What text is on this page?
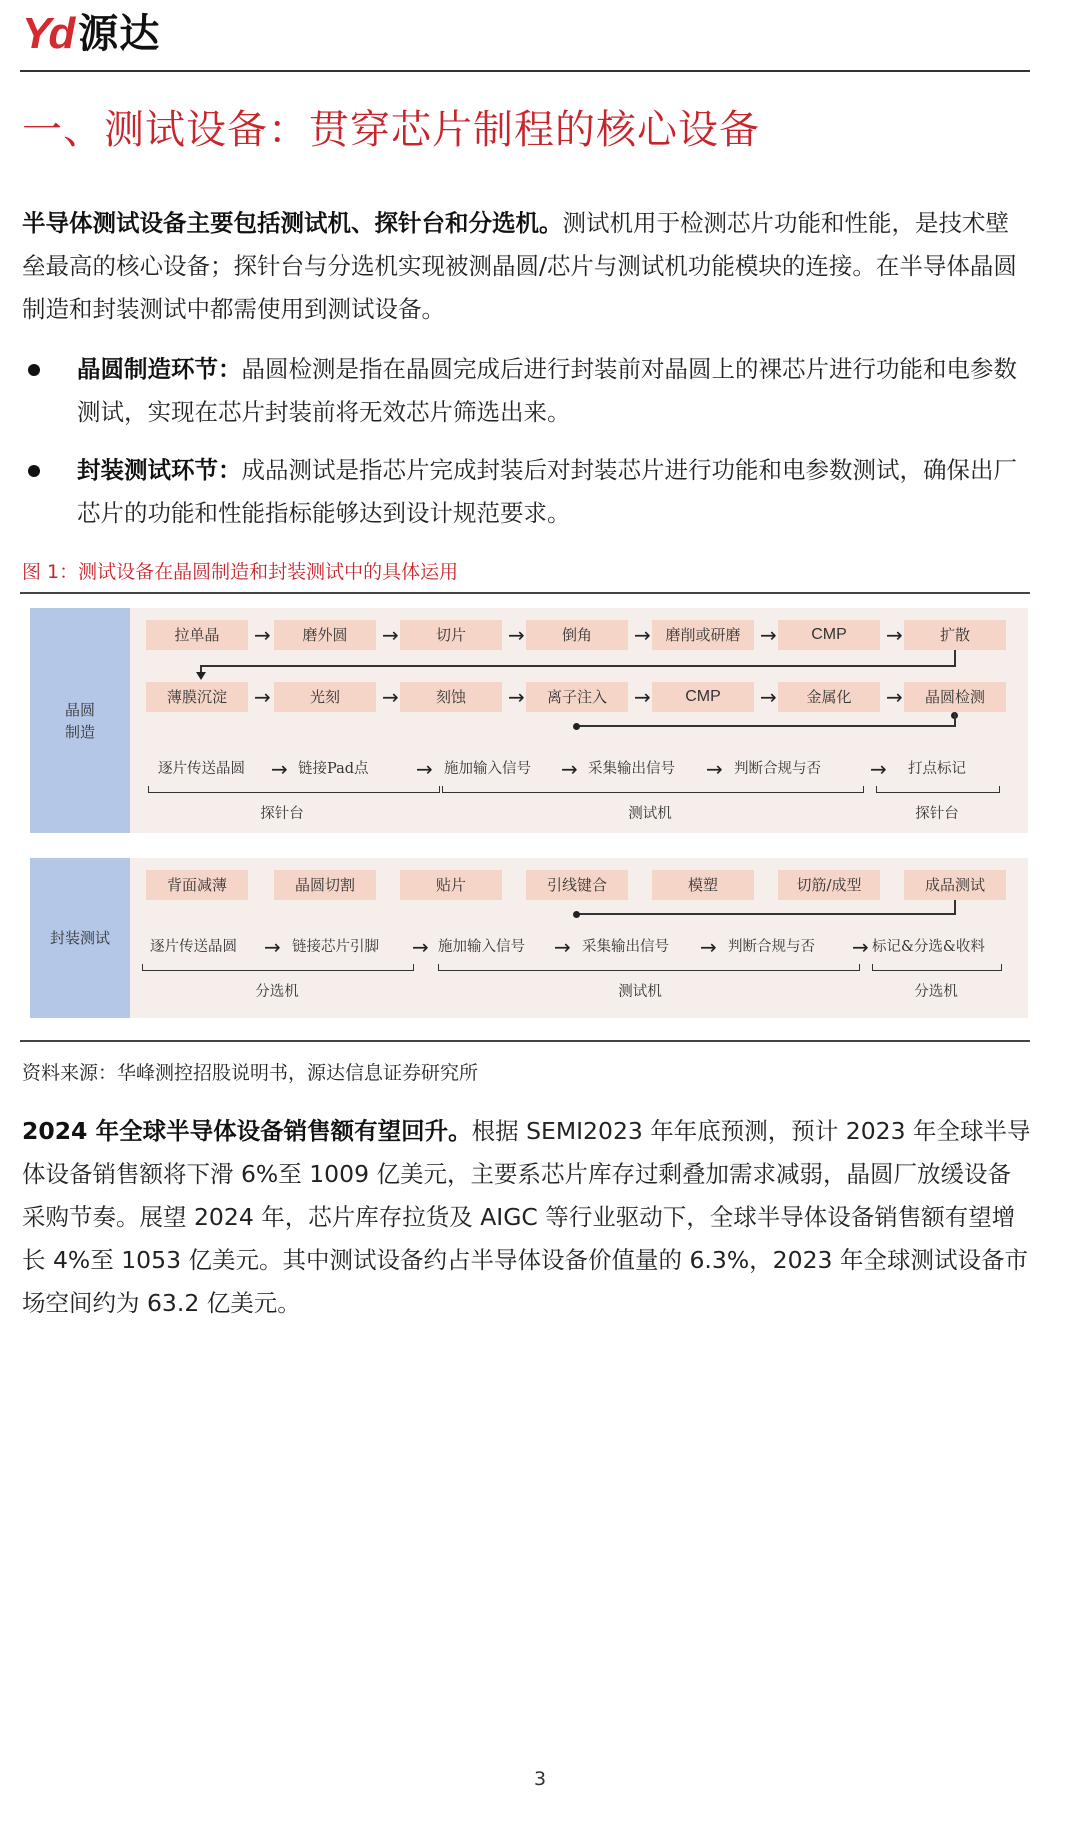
Yd 源达
一、测试设备：贯穿芯片制程的核心设备

半导体测试设备主要包括测试机、探针台和分选机。测试机用于检测芯片功能和性能，是技术壁垒最高的核心设备；探针台与分选机实现被测晶圆/芯片与测试机功能模块的连接。在半导体晶圆制造和封装测试中都需使用到测试设备。

晶圆制造环节：晶圆检测是指在晶圆完成后进行封装前对晶圆上的裸芯片进行功能和电参数测试，实现在芯片封装前将无效芯片筛选出来。
封装测试环节：成品测试是指芯片完成封装后对封装芯片进行功能和电参数测试，确保出厂芯片的功能和性能指标能够达到设计规范要求。
图 1：测试设备在晶圆制造和封装测试中的具体运用
晶圆
制造
拉单晶	→	磨外圆	→	切片	→	倒角	→ 磨削或研磨 →	CMP	→	扩散
薄膜沉淀	→	光刻	→	刻蚀	→	离子注入	→	CMP	→	金属化	→	晶圆检测
逐片传送晶圆 → 链接Pad点 → 施加输入信号 → 采集输出信号 → 判断合规与否 → 打点标记
探针台	测试机	探针台
封装测试
背面减薄	晶圆切割	贴片	引线键合	模塑	切筋/成型	成品测试
逐片传送晶圆 → 链接芯片引脚 → 施加输入信号 → 采集输出信号 → 判断合规与否 → 标记&分选&收料
分选机	测试机	分选机
资料来源：华峰测控招股说明书，源达信息证券研究所

2024 年全球半导体设备销售额有望回升。根据 SEMI2023 年年底预测，预计 2023 年全球半导体设备销售额将下滑 6%至 1009 亿美元，主要系芯片库存过剩叠加需求减弱，晶圆厂放缓设备采购节奏。展望 2024 年，芯片库存拉货及 AIGC 等行业驱动下，全球半导体设备销售额有望增长 4%至 1053 亿美元。其中测试设备约占半导体设备价值量的 6.3%，2023 年全球测试设备市场空间约为 63.2 亿美元。

3
